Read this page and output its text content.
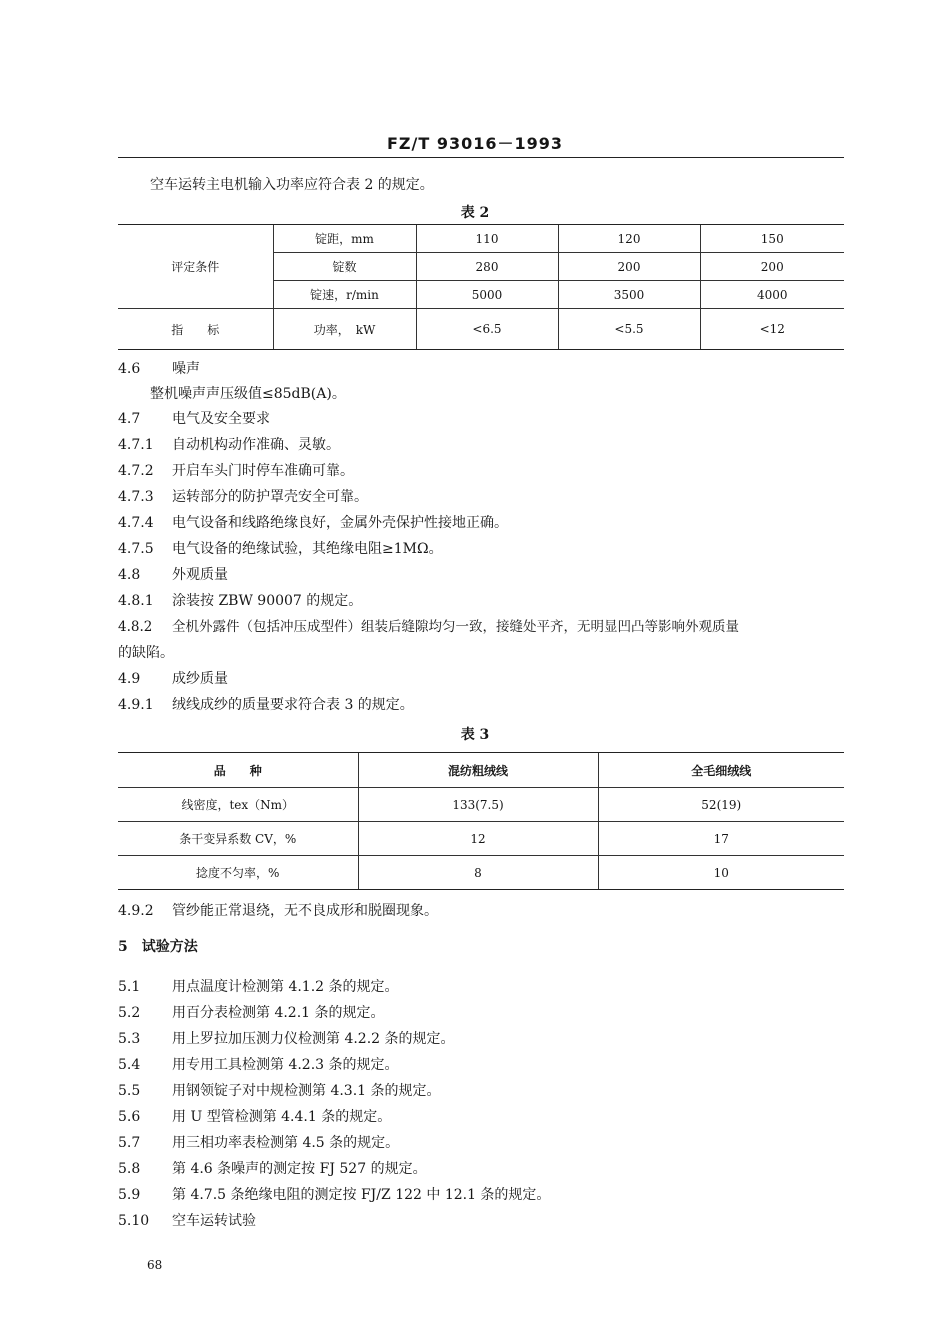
FZ/T 93016－1993
空车运转主电机输入功率应符合表 2 的规定。
表 2
评定条件	锭距，mm	110	120	150
	锭数	280	200	200
	锭速，r/min	5000	3500	4000
指　　标	功率，　kW	<6.5	<5.5	<12
4.6 噪声
整机噪声声压级值≤85dB(A)。
4.7 电气及安全要求
4.7.1 自动机构动作准确、灵敏。
4.7.2 开启车头门时停车准确可靠。
4.7.3 运转部分的防护罩壳安全可靠。
4.7.4 电气设备和线路绝缘良好，金属外壳保护性接地正确。
4.7.5 电气设备的绝缘试验，其绝缘电阻≥1MΩ。
4.8 外观质量
4.8.1 涂装按 ZBW 90007 的规定。
4.8.2 全机外露件（包括冲压成型件）组装后缝隙均匀一致，接缝处平齐，无明显凹凸等影响外观质量
的缺陷。
4.9 成纱质量
4.9.1 绒线成纱的质量要求符合表 3 的规定。
表 3
品　　种	混纺粗绒线	全毛细绒线
线密度，tex（Nm）	133(7.5)	52(19)
条干变异系数 CV，%	12	17
捻度不匀率，%	8	10
4.9.2 管纱能正常退绕，无不良成形和脱圈现象。
5　试验方法
5.1 用点温度计检测第 4.1.2 条的规定。
5.2 用百分表检测第 4.2.1 条的规定。
5.3 用上罗拉加压测力仪检测第 4.2.2 条的规定。
5.4 用专用工具检测第 4.2.3 条的规定。
5.5 用钢领锭子对中规检测第 4.3.1 条的规定。
5.6 用 U 型管检测第 4.4.1 条的规定。
5.7 用三相功率表检测第 4.5 条的规定。
5.8 第 4.6 条噪声的测定按 FJ 527 的规定。
5.9 第 4.7.5 条绝缘电阻的测定按 FJ/Z 122 中 12.1 条的规定。
5.10 空车运转试验
68
